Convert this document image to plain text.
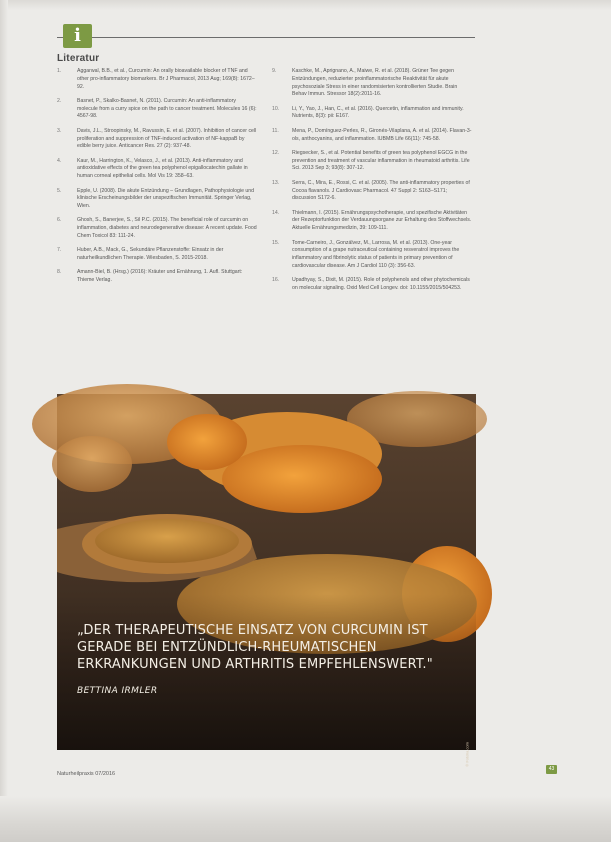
i
Literatur
1.	Aggarwal, B.B., et al., Curcumin: An orally bioavailable blocker of TNF and other pro-inflammatory biomarkers. Br J Pharmacol, 2013 Aug; 169(8): 1672–92.
2.	Basnet, P., Skalko-Basnet, N. (2011). Curcumin: An anti-inflammatory molecule from a curry spice on the path to cancer treatment. Molecules 16 (6): 4567-98.
3.	Davis, J.L., Stroopinsky, M., Ravussin, E. et al. (2007). Inhibition of cancer cell proliferation and suppression of TNF-induced activation of NF-kappaB by edible berry juice. Anticancer Res. 27 (2): 937-48.
4.	Kaur, M., Harrington, K., Velasco, J., et al. (2013). Anti-inflammatory and antioxidative effects of the green tea polyphenol epigallocatechin gallate in human corneal epithelial cells. Mol Vis 19: 358–63.
5.	Epple, U. (2008). Die akute Entzündung – Grundlagen, Pathophysiologie und klinische Erscheinungsbilder der unspezifischen Immunität. Springer Verlag, Wien.
6.	Ghosh, S., Banerjee, S., Sil P.C. (2015). The beneficial role of curcumin on inflammation, diabetes and neurodegenerative disease: A recent update. Food Chem Toxicol 83: 111-24.
7.	Huber, A.B., Mack, G., Sekundäre Pflanzenstoffe: Einsatz in der naturheilkundlichen Therapie. Wiesbaden, S. 2015-2018.
8.	Amann-Biel, B. (Hrsg.) (2016): Kräuter und Ernährung, 1. Aufl. Stuttgart: Thieme Verlag.
9.	Kaschke, M., Aprignano, A., Maiwe, R. et al. (2018). Grüner Tee gegen Entzündungen, reduzierter proinflammatorische Reaktivität für akute psychosoziale Stress in einer randomisierten kontrollierten Studie. Brain Behav Immun. Stressor 18(2):2011-16.
10.	Li, Y., Yao, J., Han, C., et al. (2016). Quercetin, inflammation and immunity. Nutrients, 8(3): pii: E167.
11.	Mena, P., Domínguez-Perles, R., Gironés-Vilaplana, A. et al. (2014). Flavan-3-ols, anthocyanins, and inflammation. IUBMB Life 66(11): 745-58.
12.	Riegsecker, S., et al. Potential benefits of green tea polyphenol EGCG in the prevention and treatment of vascular inflammation in rheumatoid arthritis. Life Sci. 2013 Sep 3; 93(8): 307-12.
13.	Serra, C., Mira, E., Rossi, C. et al. (2005). The anti-inflammatory properties of Cocoa flavanols. J Cardiovasc Pharmacol. 47 Suppl 2: S163–S171; discussion S172-6.
14.	Thielmann, I. (2015). Ernährungspsychotherapie, und spezifische Aktivitäten der Rezeptorfunktion der Verdauungsorgane zur Erhaltung des Stoffwechsels. Aktuelle Ernährungsmedizin, 39: 109-111.
15.	Tome-Carneiro, J., Gonzálvez, M., Larrosa, M. et al. (2013). One-year consumption of a grape nutraceutical containing resveratrol improves the inflammatory and fibrinolytic status of patients in primary prevention of cardiovascular disease. Am J Cardiol 110 (3): 356-63.
16.	Upadhyay, S., Dixit, M. (2015). Role of polyphenols and other phytochemicals on molecular signaling. Oxid Med Cell Longev. doi: 10.1155/2015/504253.
„DER THERAPEUTISCHE EINSATZ VON CURCUMIN IST GERADE BEI ENTZÜNDLICH-RHEUMATISCHEN ERKRANKUNGEN UND ARTHRITIS EMPFEHLENSWERT."
BETTINA IRMLER
© Fotolia.com
Naturheilpraxis 07/2016
43
